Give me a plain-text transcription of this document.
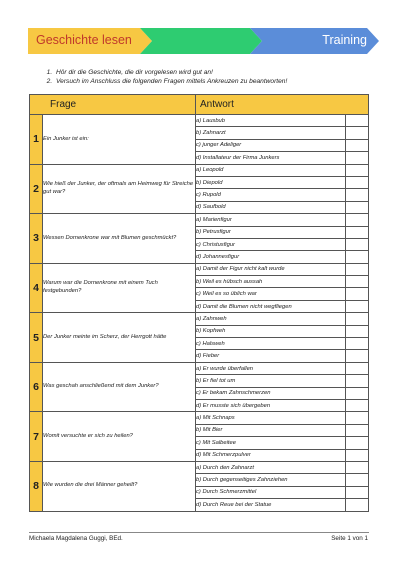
Geschichte lesen	Training
1. Hör dir die Geschichte, die dir vorgelesen wird gut an!
2. Versuch im Anschluss die folgenden Fragen mittels Ankreuzen zu beantworten!
Frage		Antwort	
1	Ein Junker ist ein:	a) Lausbub	
		b) Zahnarzt	
		c) junger Adeliger	
		d) Installateur der Firma Junkers	
2	Wie hieß der Junker, der oftmals am Heimweg für Streiche gut war?	a) Leopold	
		b) Diepold	
		c) Rupold	
		d) Saufbold	
3	Wessen Dornenkrone war mit Blumen geschmückt?	a) Marienfigur	
		b) Petrusfigur	
		c) Christusfigur	
		d) Johannesfigur	
4	Warum war die Dornenkrone mit einem Tuch festgebunden?	a) Damit der Figur nicht kalt wurde	
		b) Weil es hübsch aussah	
		c) Weil es so üblich war	
		d) Damit die Blumen nicht wegfliegen	
5	Der Junker meinte im Scherz, der Herrgott hätte	a) Zahnweh	
		b) Kopfweh	
		c) Halsweh	
		d) Fieber	
6	Was geschah anschließend mit dem Junker?	a) Er wurde überfallen	
		b) Er fiel tot um	
		c) Er bekam Zahnschmerzen	
		d) Er musste sich übergeben	
7	Womit versuchte er sich zu heilen?	a) Mit Schnaps	
		b) Mit Bier	
		c) Mit Salbeitee	
		d) Mit Schmerzpulver	
8	Wie wurden die drei Männer geheilt?	a) Durch den Zahnarzt	
		b) Durch gegenseitiges Zahnziehen	
		c) Durch Schmerzmittel	
		d) Durch Reue bei der Statue	
Michaela Magdalena Guggi, BEd.	Seite 1 von 1
